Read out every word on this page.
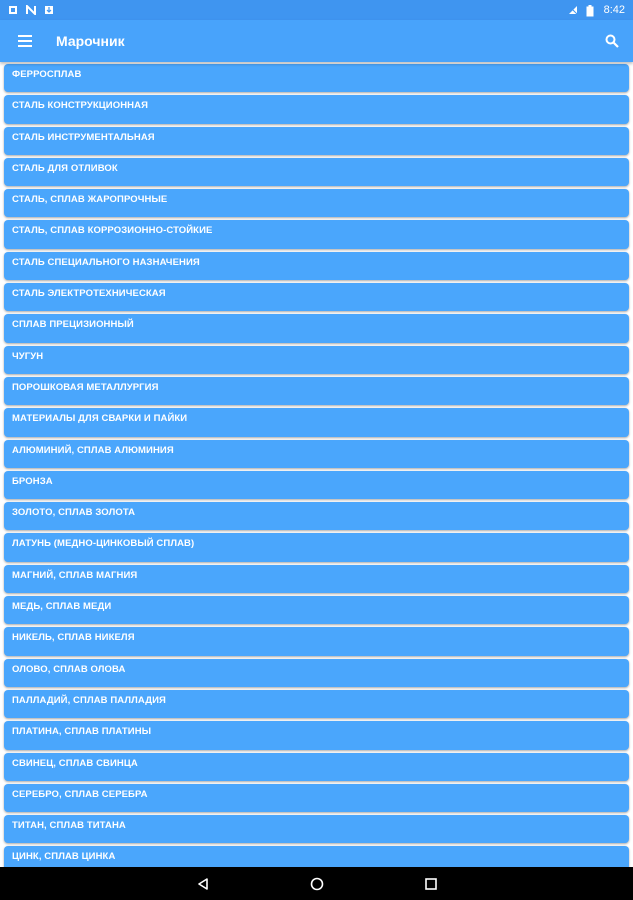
8:42
Марочник
ФЕРРОСПЛАВ
СТАЛЬ КОНСТРУКЦИОННАЯ
СТАЛЬ ИНСТРУМЕНТАЛЬНАЯ
СТАЛЬ ДЛЯ ОТЛИВОК
СТАЛЬ, СПЛАВ ЖАРОПРОЧНЫЕ
СТАЛЬ, СПЛАВ КОРРОЗИОННО-СТОЙКИЕ
СТАЛЬ СПЕЦИАЛЬНОГО НАЗНАЧЕНИЯ
СТАЛЬ ЭЛЕКТРОТЕХНИЧЕСКАЯ
СПЛАВ ПРЕЦИЗИОННЫЙ
ЧУГУН
ПОРОШКОВАЯ МЕТАЛЛУРГИЯ
МАТЕРИАЛЫ ДЛЯ СВАРКИ И ПАЙКИ
АЛЮМИНИЙ, СПЛАВ АЛЮМИНИЯ
БРОНЗА
ЗОЛОТО, СПЛАВ ЗОЛОТА
ЛАТУНЬ (МЕДНО-ЦИНКОВЫЙ СПЛАВ)
МАГНИЙ, СПЛАВ МАГНИЯ
МЕДЬ, СПЛАВ МЕДИ
НИКЕЛЬ, СПЛАВ НИКЕЛЯ
ОЛОВО, СПЛАВ ОЛОВА
ПАЛЛАДИЙ, СПЛАВ ПАЛЛАДИЯ
ПЛАТИНА, СПЛАВ ПЛАТИНЫ
СВИНЕЦ, СПЛАВ СВИНЦА
СЕРЕБРО, СПЛАВ СЕРЕБРА
ТИТАН, СПЛАВ ТИТАНА
ЦИНК, СПЛАВ ЦИНКА
